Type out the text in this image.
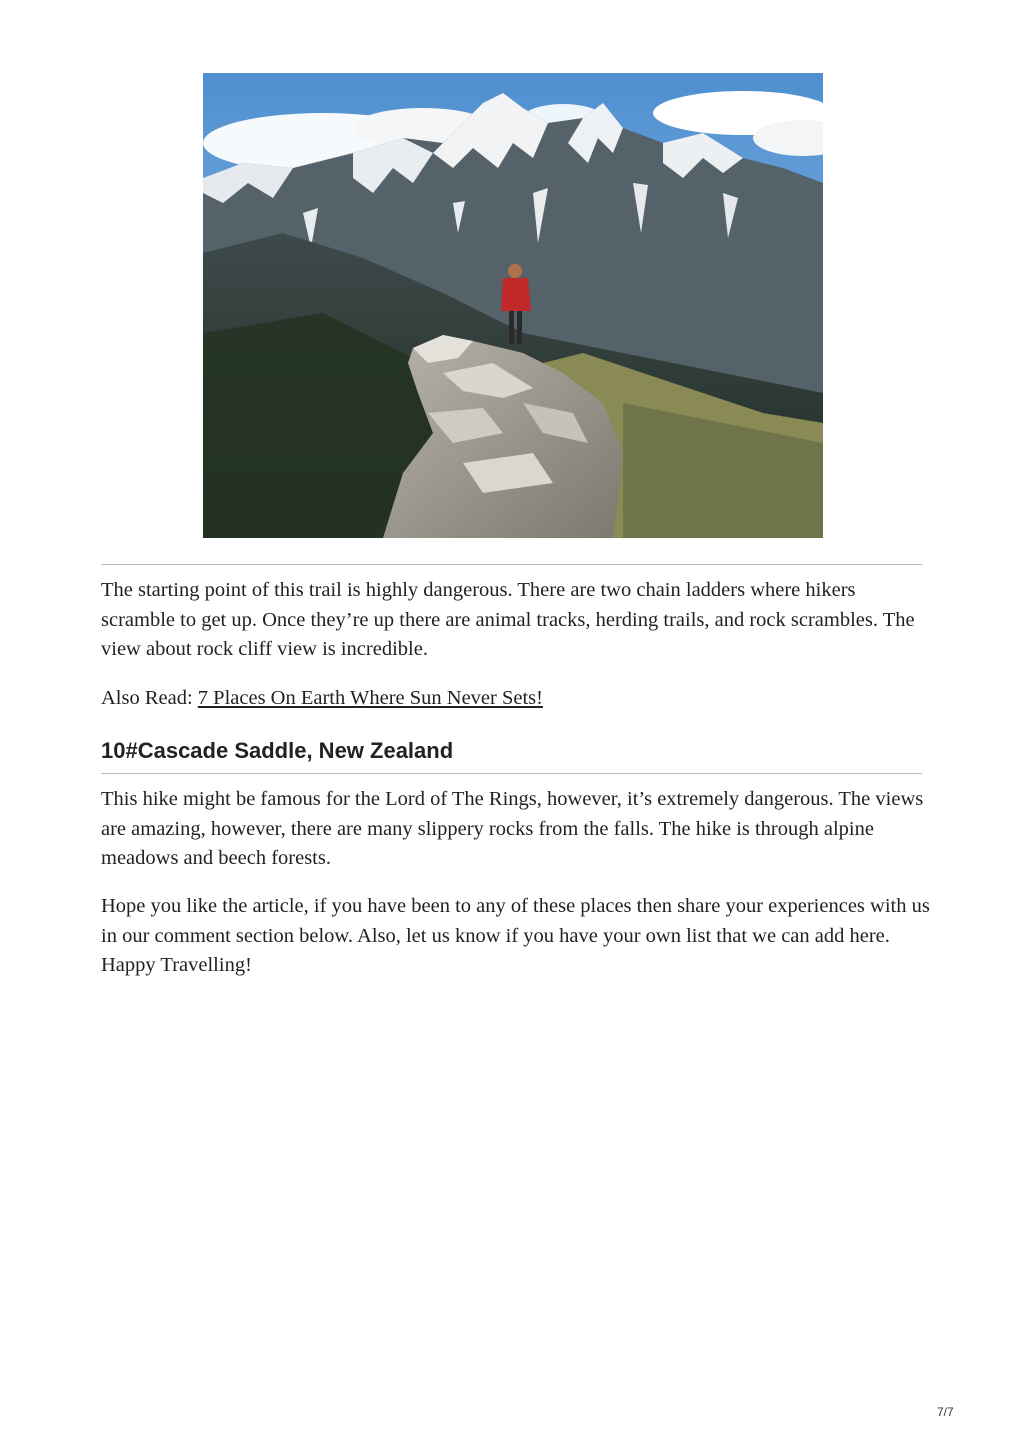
The starting point of this trail is highly dangerous. There are two chain ladders where hikers scramble to get up. Once they’re up there are animal tracks, herding trails, and rock scrambles. The view about rock cliff view is incredible.

Also Read: 7 Places On Earth Where Sun Never Sets!

10#Cascade Saddle, New Zealand

This hike might be famous for the Lord of The Rings, however, it’s extremely dangerous. The views are amazing, however, there are many slippery rocks from the falls. The hike is through alpine meadows and beech forests.

Hope you like the article, if you have been to any of these places then share your experiences with us in our comment section below. Also, let us know if you have your own list that we can add here. Happy Travelling!

7/7
